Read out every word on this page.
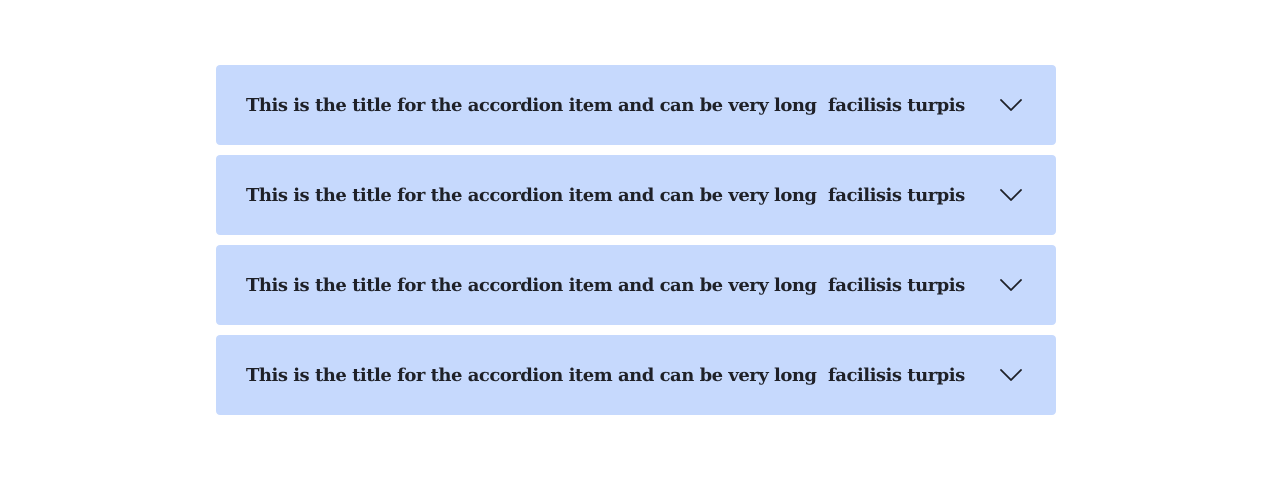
This is the title for the accordion item and can be very long  facilisis turpis
This is the title for the accordion item and can be very long  facilisis turpis
This is the title for the accordion item and can be very long  facilisis turpis
This is the title for the accordion item and can be very long  facilisis turpis
